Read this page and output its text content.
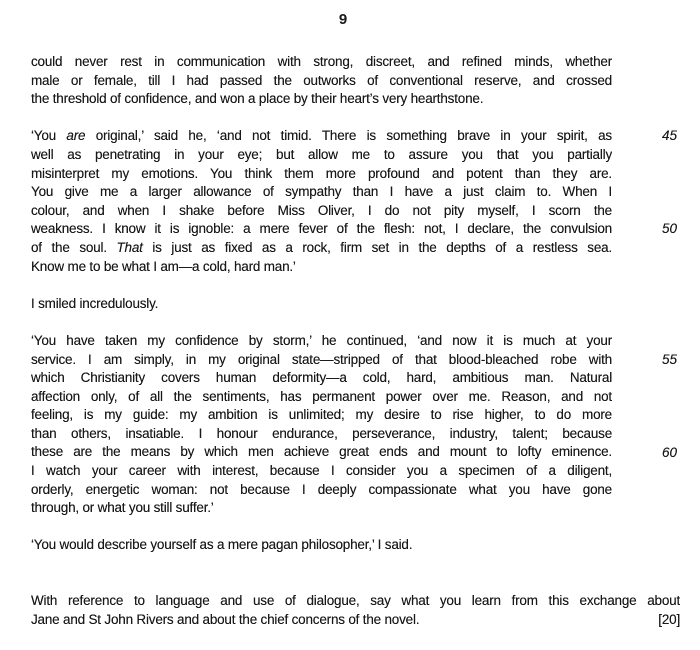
9
could never rest in communication with strong, discreet, and refined minds, whether
male or female, till I had passed the outworks of conventional reserve, and crossed
the threshold of confidence, and won a place by their heart’s very hearthstone.
‘You are original,’ said he, ‘and not timid. There is something brave in your spirit, as
well as penetrating in your eye; but allow me to assure you that you partially
misinterpret my emotions. You think them more profound and potent than they are.
You give me a larger allowance of sympathy than I have a just claim to. When I
colour, and when I shake before Miss Oliver, I do not pity myself, I scorn the
weakness. I know it is ignoble: a mere fever of the flesh: not, I declare, the convulsion
of the soul. That is just as fixed as a rock, firm set in the depths of a restless sea.
Know me to be what I am—a cold, hard man.’
45
50
I smiled incredulously.
‘You have taken my confidence by storm,’ he continued, ‘and now it is much at your
service. I am simply, in my original state—stripped of that blood-bleached robe with
which Christianity covers human deformity—a cold, hard, ambitious man. Natural
affection only, of all the sentiments, has permanent power over me. Reason, and not
feeling, is my guide: my ambition is unlimited; my desire to rise higher, to do more
than others, insatiable. I honour endurance, perseverance, industry, talent; because
these are the means by which men achieve great ends and mount to lofty eminence.
I watch your career with interest, because I consider you a specimen of a diligent,
orderly, energetic woman: not because I deeply compassionate what you have gone
through, or what you still suffer.’
55
60
‘You would describe yourself as a mere pagan philosopher,’ I said.
With reference to language and use of dialogue, say what you learn from this exchange about
Jane and St John Rivers and about the chief concerns of the novel.	[20]
